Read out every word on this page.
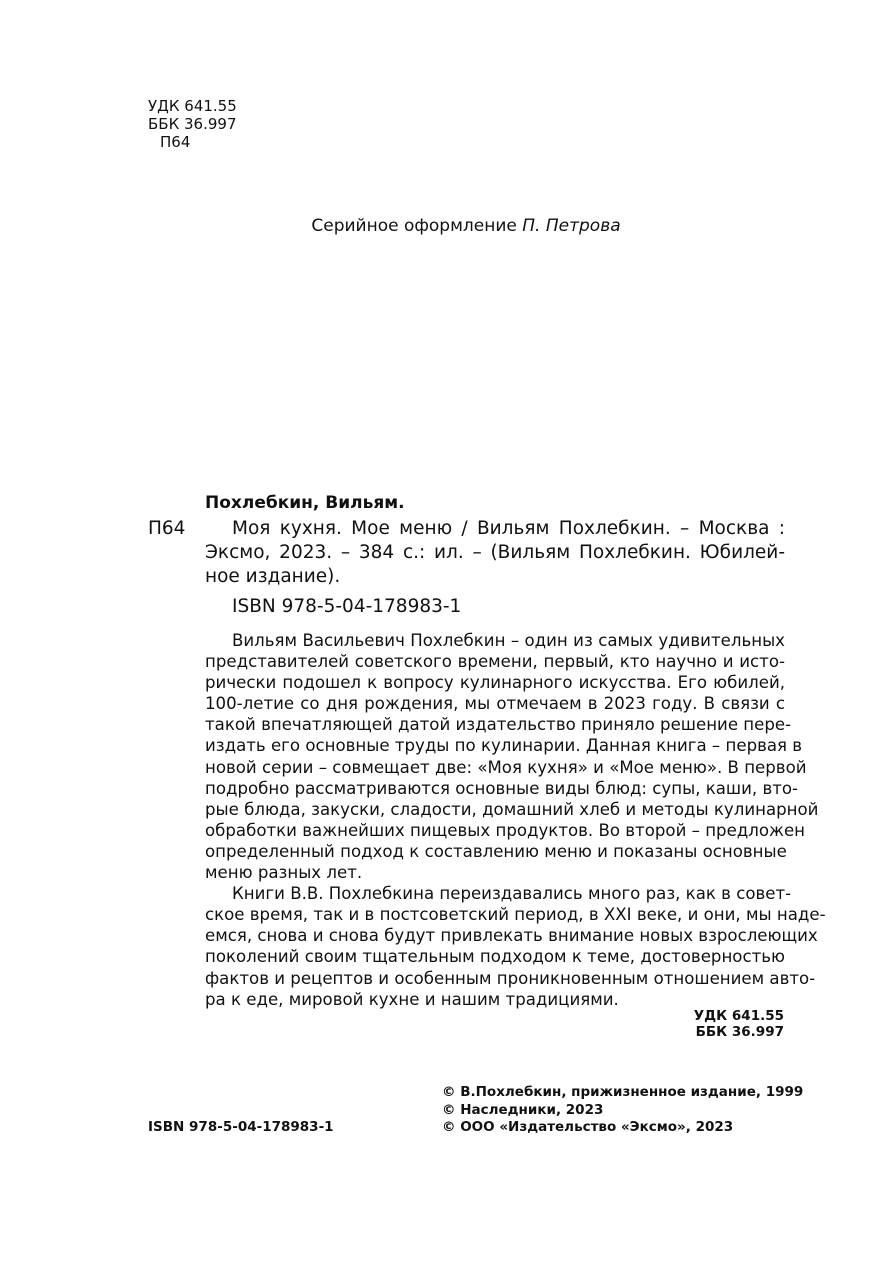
УДК 641.55
ББК 36.997
П64
Серийное оформление П. Петрова
Похлебкин, Вильям.
П64	Моя кухня. Мое меню / Вильям Похлебкин. – Москва :
Эксмо, 2023. – 384 с.: ил. – (Вильям Похлебкин. Юбилей-
ное издание).
ISBN 978-5-04-178983-1
Вильям Васильевич Похлебкин – один из самых удивительных
представителей советского времени, первый, кто научно и исто-
рически подошел к вопросу кулинарного искусства. Его юбилей,
100-летие со дня рождения, мы отмечаем в 2023 году. В связи с
такой впечатляющей датой издательство приняло решение пере-
издать его основные труды по кулинарии. Данная книга – первая в
новой серии – совмещает две: «Моя кухня» и «Мое меню». В первой
подробно рассматриваются основные виды блюд: супы, каши, вто-
рые блюда, закуски, сладости, домашний хлеб и методы кулинарной
обработки важнейших пищевых продуктов. Во второй – предложен
определенный подход к составлению меню и показаны основные
меню разных лет.
Книги В.В. Похлебкина переиздавались много раз, как в совет-
ское время, так и в постсоветский период, в XXI веке, и они, мы наде-
емся, снова и снова будут привлекать внимание новых взрослеющих
поколений своим тщательным подходом к теме, достоверностью
фактов и рецептов и особенным проникновенным отношением авто-
ра к еде, мировой кухне и нашим традициями.
УДК 641.55
ББК 36.997
© В.Похлебкин, прижизненное издание, 1999
© Наследники, 2023
© ООО «Издательство «Эксмо», 2023
ISBN 978-5-04-178983-1
